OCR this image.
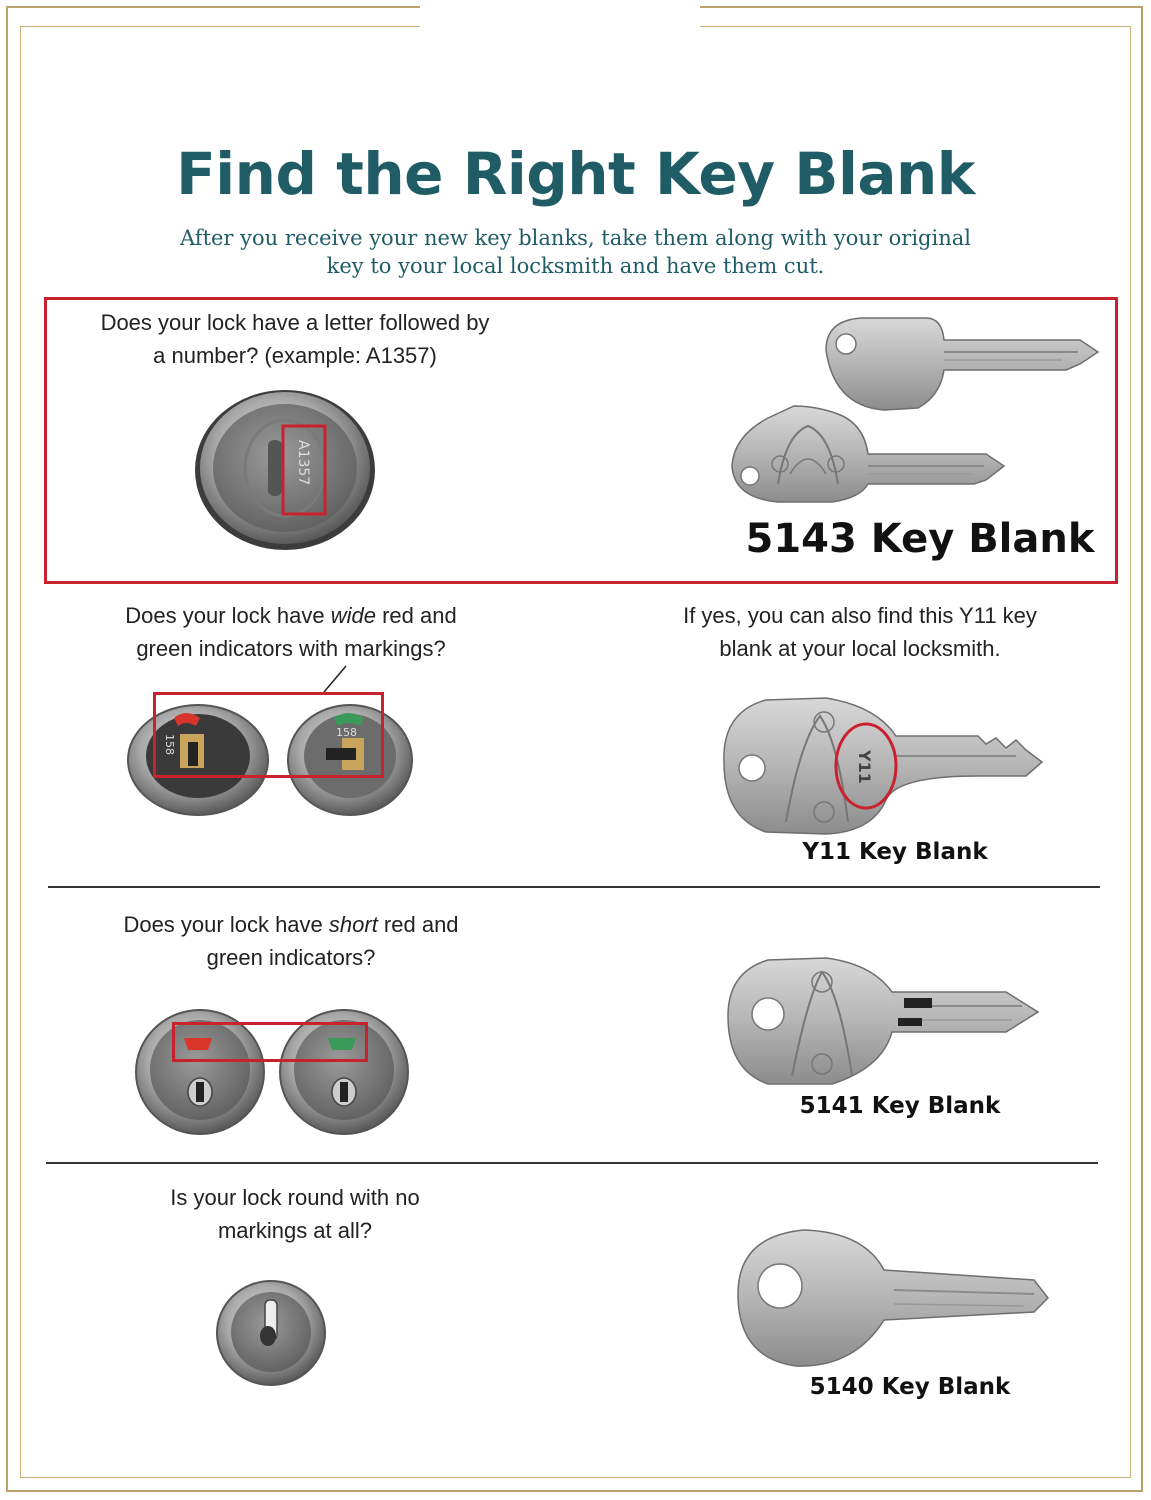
Find the Right Key Blank
After you receive your new key blanks, take them along with your original
key to your local locksmith and have them cut.
Does your lock have a letter followed by
a number? (example: A1357)
A1357
5143 Key Blank
Does your lock have wide red and
green indicators with markings?
If yes, you can also find this Y11 key
blank at your local locksmith.
158
158
Y11
Y11 Key Blank
Does your lock have short red and
green indicators?
5141 Key Blank
Is your lock round with no
markings at all?
5140 Key Blank
